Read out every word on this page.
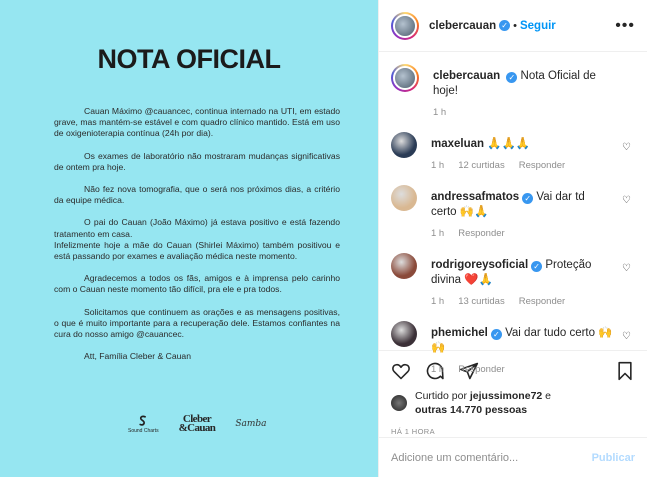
NOTA OFICIAL

Cauan Máximo @cauancec, continua internado na UTI, em estado grave, mas mantém-se estável e com quadro clínico mantido. Está em uso de oxigenioterapia contínua (24h por dia).

Os exames de laboratório não mostraram mudanças significativas de ontem pra hoje.

Não fez nova tomografia, que o será nos próximos dias, a critério da equipe médica.

O pai do Cauan (João Máximo) já estava positivo e está fazendo tratamento em casa.

Infelizmente hoje a mãe do Cauan (Shirlei Máximo) também positivou e está passando por exames e avaliação médica neste momento.

Agradecemos a todos os fãs, amigos e à imprensa pelo carinho com o Cauan neste momento tão difícil, pra ele e pra todos.

Solicitamos que continuem as orações e as mensagens positivas, o que é muito importante para a recuperação dele. Estamos confiantes na cura do nosso amigo @cauancec.

Att, Família Cleber & Cauan

Sound Charts
Cleber
&Cauan Samba
clebercauan ✓ • Seguir	•••
clebercauan ✓ Nota Oficial de hoje!
1 h
maxeluan 🙏🙏🙏
1 h 12 curtidas Responder
♡
andressafmatos ✓ Vai dar td certo 🙌🙏
1 h Responder
♡
rodrigoreysoficial ✓ Proteção divina ❤️🙏
1 h 13 curtidas Responder
♡
phemichel ✓ Vai dar tudo certo 🙌🙌
1 h Responder
♡
Curtido por jejussimone72 e
outras 14.770 pessoas
HÁ 1 HORA
Adicione um comentário...
Publicar
